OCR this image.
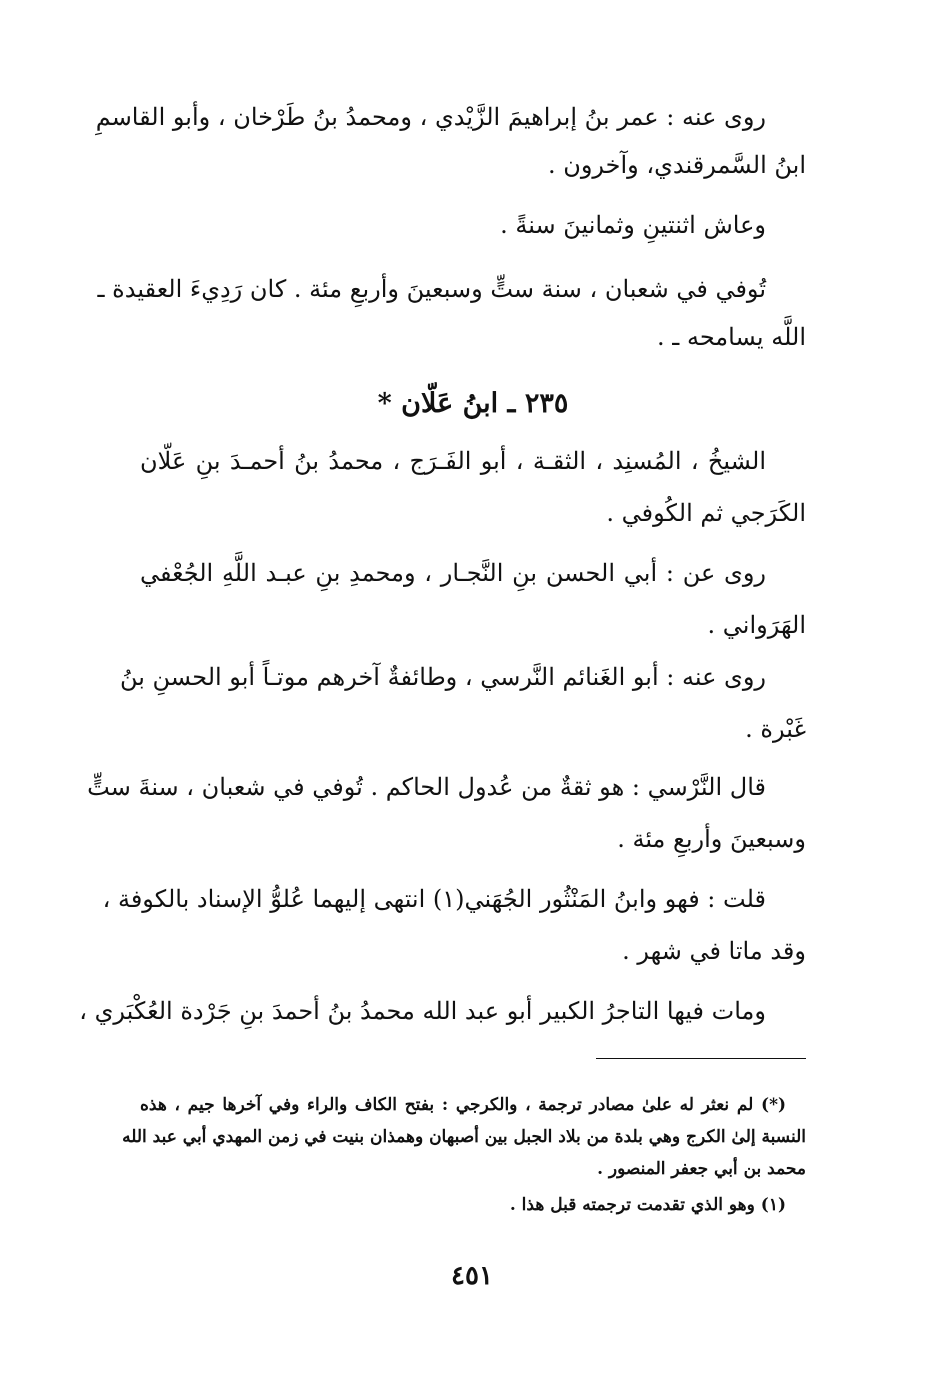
روى عنه : عمر بنُ إبراهيمَ الزَّيْدي ، ومحمدُ بنُ طَرْخان ، وأبو القاسمِ
ابنُ السَّمرقندي، وآخرون .
وعاش اثنتينِ وثمانينَ سنةً .
تُوفي في شعبان ، سنة ستٍّ وسبعينَ وأربعِ مئة . كان رَدِيءَ العقيدة ـ
اللَّه يسامحه ـ .
٢٣٥ ـ ابنُ عَلّان *
الشيخُ ، المُسنِد ، الثقـة ، أبو الفَـرَج ، محمدُ بنُ أحمـدَ بنِ عَلّان
الكَرَجي ثم الكُوفي .
روى عن : أبي الحسن بنِ النَّجـار ، ومحمدِ بنِ عبـد اللَّهِ الجُعْفي
الهَرَواني .
روى عنه : أبو الغَنائم النَّرسي ، وطائفةٌ آخرهم موتـاً أبو الحسنِ بنُ
غَبْرة .
قال النَّرْسي : هو ثقةٌ من عُدول الحاكم . تُوفي في شعبان ، سنةَ ستٍّ
وسبعينَ وأربعِ مئة .
قلت : فهو وابنُ المَنْثُور الجُهَني(١) انتهى إليهما عُلوُّ الإسناد بالكوفة ،
وقد ماتا في شهر .
ومات فيها التاجرُ الكبير أبو عبد الله محمدُ بنُ أحمدَ بنِ جَرْدة العُكْبَري ،
(*) لم نعثر له علىٰ مصادر ترجمة ، والكرجي : بفتح الكاف والراء وفي آخرها جيم ، هذه
النسبة إلىٰ الكرج وهي بلدة من بلاد الجبل بين أصبهان وهمذان بنيت في زمن المهدي أبي عبد الله
محمد بن أبي جعفر المنصور .
(١) وهو الذي تقدمت ترجمته قبل هذا .
٤٥١
